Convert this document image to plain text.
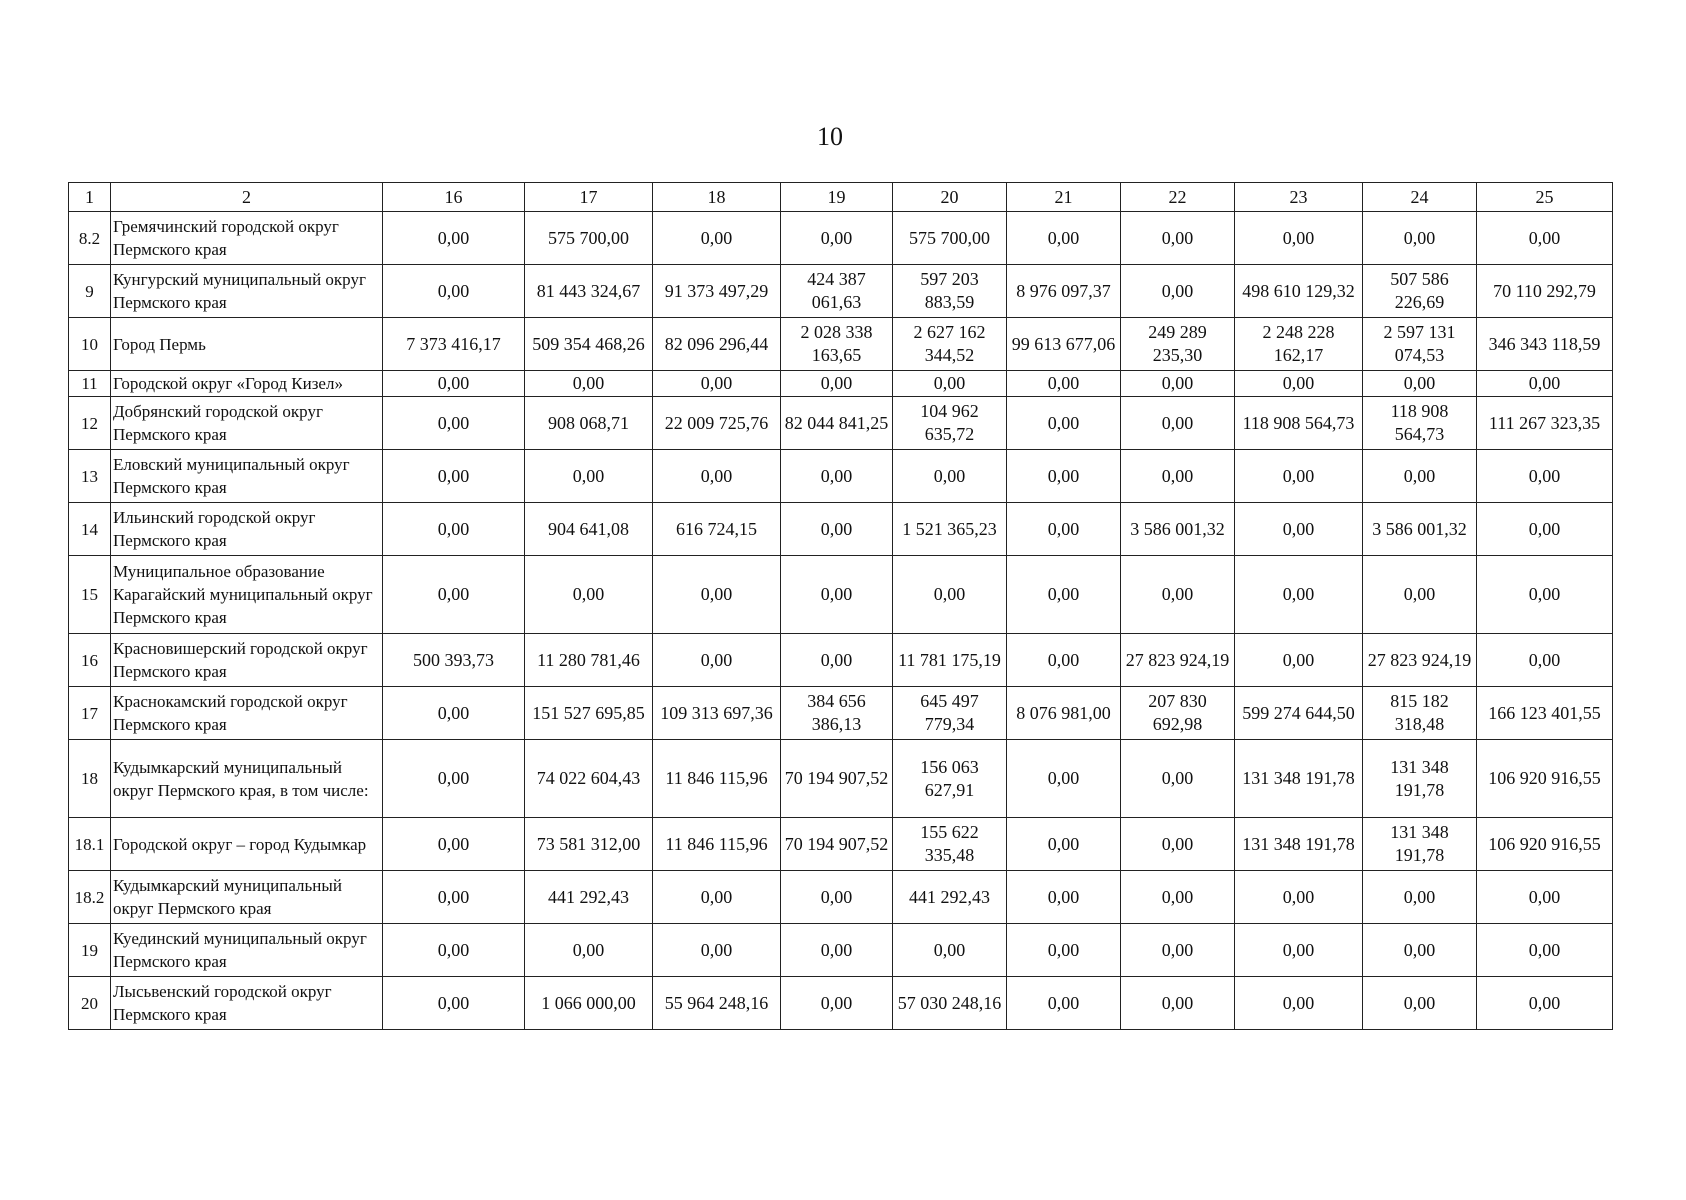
10
1	2	16	17	18	19	20	21	22	23	24	25
8.2	Гремячинский городской округ Пермского края	0,00	575 700,00	0,00	0,00	575 700,00	0,00	0,00	0,00	0,00	0,00
9	Кунгурский муниципальный округ Пермского края	0,00	81 443 324,67	91 373 497,29	424 387 061,63	597 203 883,59	8 976 097,37	0,00	498 610 129,32	507 586 226,69	70 110 292,79
10	Город Пермь	7 373 416,17	509 354 468,26	82 096 296,44	2 028 338 163,65	2 627 162 344,52	99 613 677,06	249 289 235,30	2 248 228 162,17	2 597 131 074,53	346 343 118,59
11	Городской округ «Город Кизел»	0,00	0,00	0,00	0,00	0,00	0,00	0,00	0,00	0,00	0,00
12	Добрянский городской округ Пермского края	0,00	908 068,71	22 009 725,76	82 044 841,25	104 962 635,72	0,00	0,00	118 908 564,73	118 908 564,73	111 267 323,35
13	Еловский муниципальный округ Пермского края	0,00	0,00	0,00	0,00	0,00	0,00	0,00	0,00	0,00	0,00
14	Ильинский городской округ Пермского края	0,00	904 641,08	616 724,15	0,00	1 521 365,23	0,00	3 586 001,32	0,00	3 586 001,32	0,00
15	Муниципальное образование Карагайский муниципальный округ Пермского края	0,00	0,00	0,00	0,00	0,00	0,00	0,00	0,00	0,00	0,00
16	Красновишерский городской округ Пермского края	500 393,73	11 280 781,46	0,00	0,00	11 781 175,19	0,00	27 823 924,19	0,00	27 823 924,19	0,00
17	Краснокамский городской округ Пермского края	0,00	151 527 695,85	109 313 697,36	384 656 386,13	645 497 779,34	8 076 981,00	207 830 692,98	599 274 644,50	815 182 318,48	166 123 401,55
18	Кудымкарский муниципальный округ Пермского края, в том числе:	0,00	74 022 604,43	11 846 115,96	70 194 907,52	156 063 627,91	0,00	0,00	131 348 191,78	131 348 191,78	106 920 916,55
18.1	Городской округ – город Кудымкар	0,00	73 581 312,00	11 846 115,96	70 194 907,52	155 622 335,48	0,00	0,00	131 348 191,78	131 348 191,78	106 920 916,55
18.2	Кудымкарский муниципальный округ Пермского края	0,00	441 292,43	0,00	0,00	441 292,43	0,00	0,00	0,00	0,00	0,00
19	Куединский муниципальный округ Пермского края	0,00	0,00	0,00	0,00	0,00	0,00	0,00	0,00	0,00	0,00
20	Лысьвенский городской округ Пермского края	0,00	1 066 000,00	55 964 248,16	0,00	57 030 248,16	0,00	0,00	0,00	0,00	0,00
